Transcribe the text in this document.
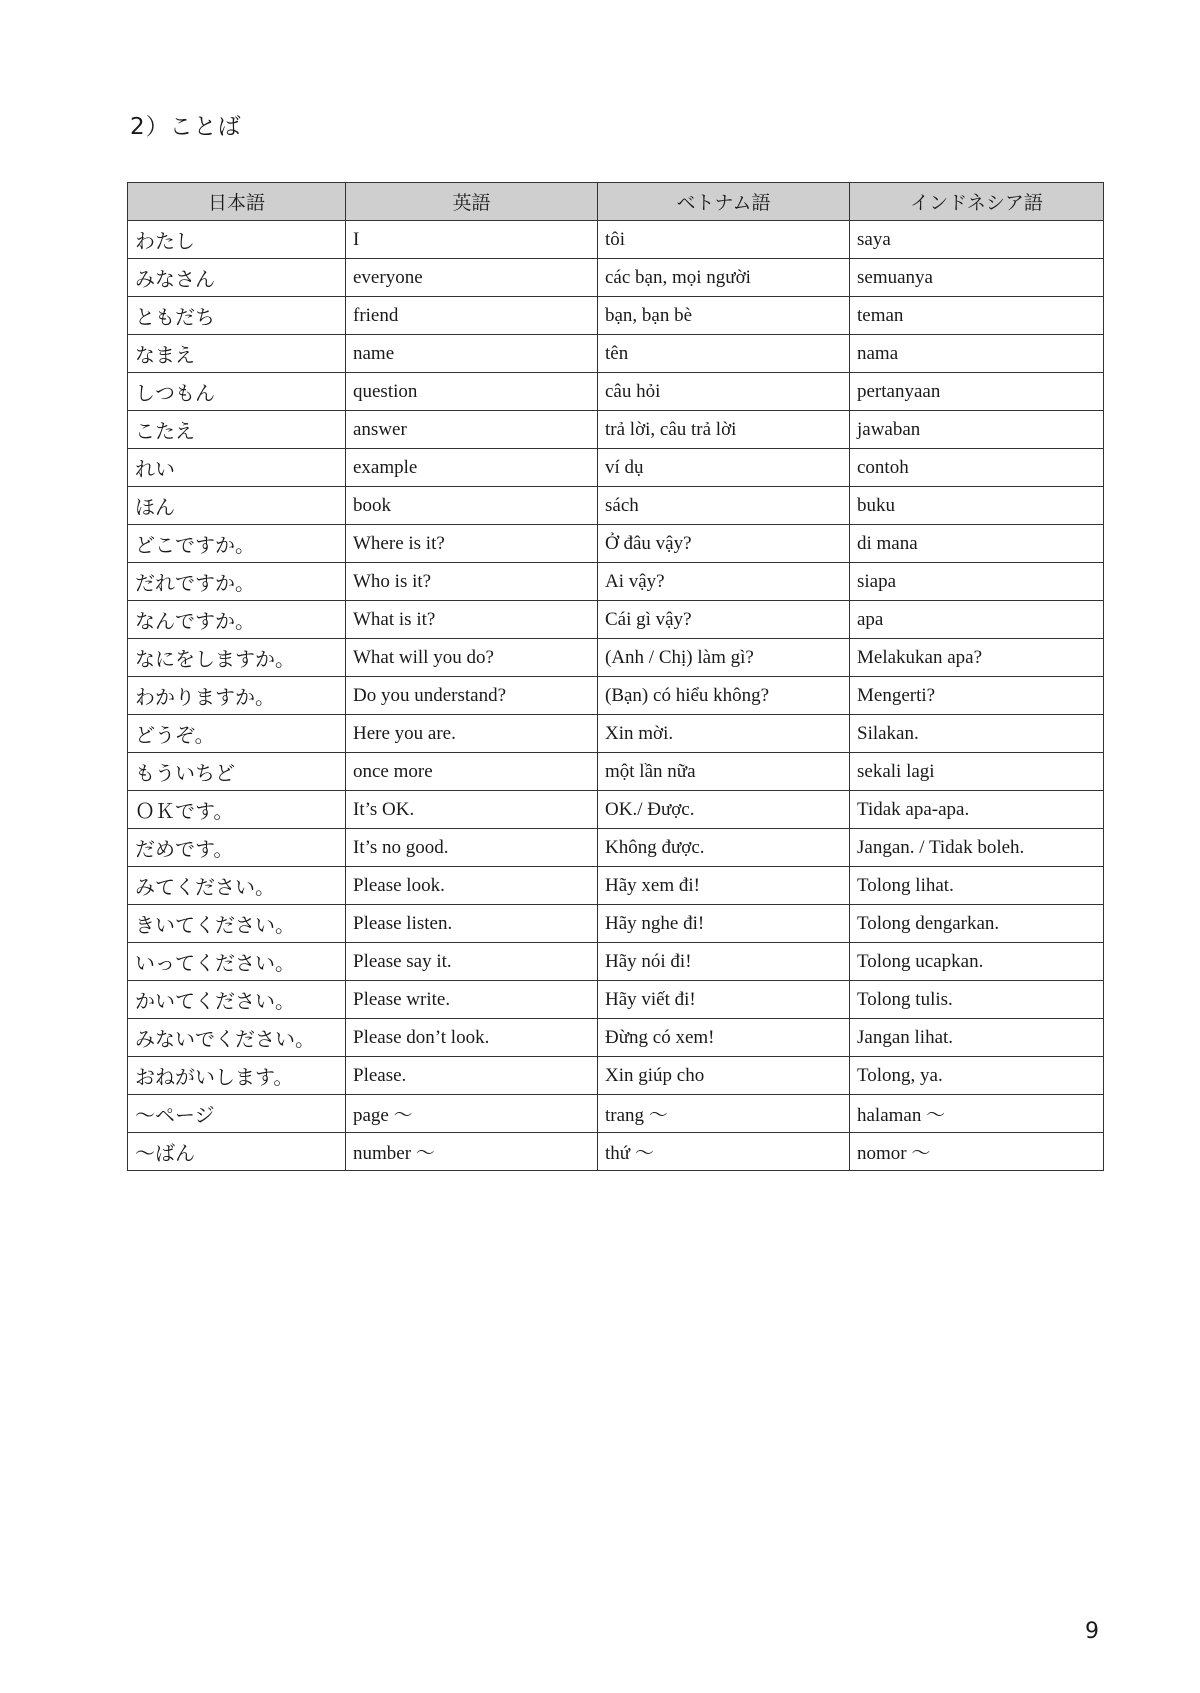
2）ことば
日本語	英語	ベトナム語	インドネシア語
わたし	I	tôi	saya
みなさん	everyone	các bạn, mọi người	semuanya
ともだち	friend	bạn, bạn bè	teman
なまえ	name	tên	nama
しつもん	question	câu hỏi	pertanyaan
こたえ	answer	trả lời, câu trả lời	jawaban
れい	example	ví dụ	contoh
ほん	book	sách	buku
どこですか。	Where is it?	Ở đâu vậy?	di mana
だれですか。	Who is it?	Ai vậy?	siapa
なんですか。	What is it?	Cái gì vậy?	apa
なにをしますか。	What will you do?	(Anh / Chị) làm gì?	Melakukan apa?
わかりますか。	Do you understand?	(Bạn) có hiểu không?	Mengerti?
どうぞ。	Here you are.	Xin mời.	Silakan.
もういちど	once more	một lần nữa	sekali lagi
ＯＫです。	It’s OK.	OK./ Được.	Tidak apa-apa.
だめです。	It’s no good.	Không được.	Jangan. / Tidak boleh.
みてください。	Please look.	Hãy xem đi!	Tolong lihat.
きいてください。	Please listen.	Hãy nghe đi!	Tolong dengarkan.
いってください。	Please say it.	Hãy nói đi!	Tolong ucapkan.
かいてください。	Please write.	Hãy viết đi!	Tolong tulis.
みないでください。	Please don’t look.	Đừng có xem!	Jangan lihat.
おねがいします。	Please.	Xin giúp cho	Tolong, ya.
～ページ	page ～	trang ～	halaman ～
～ばん	number ～	thứ ～	nomor ～
9
